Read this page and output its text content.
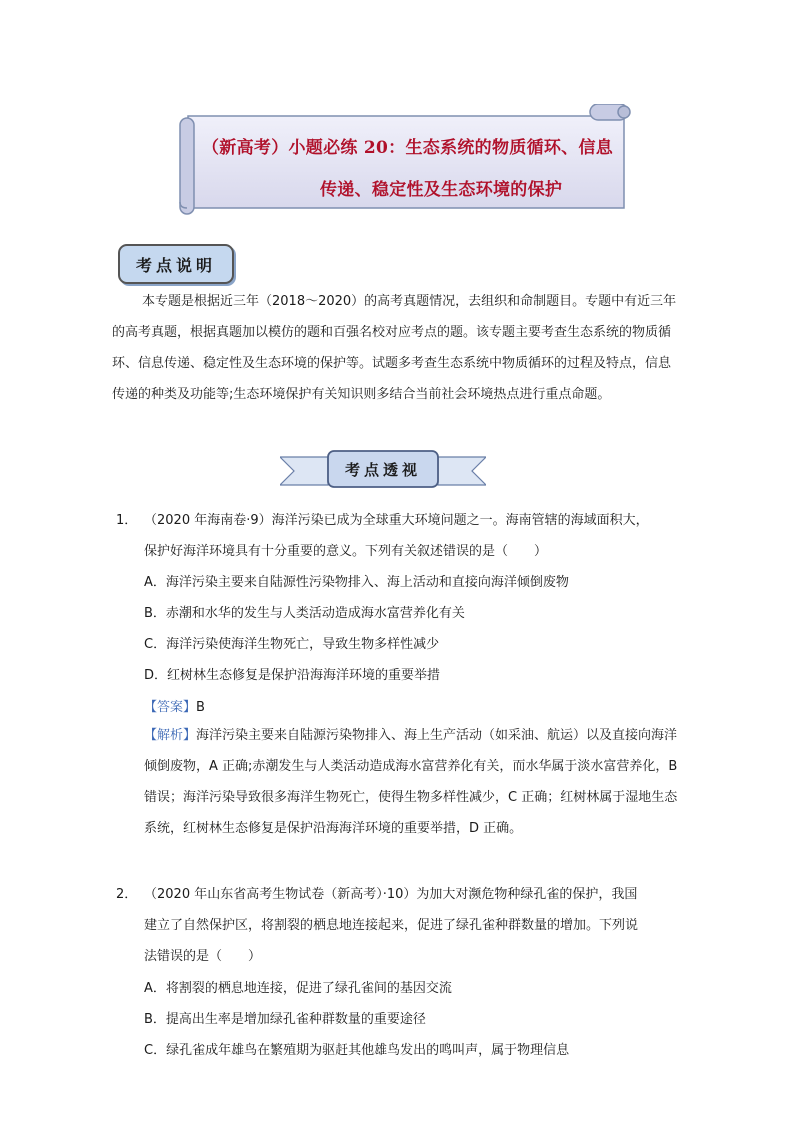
（新高考）小题必练 20：生态系统的物质循环、信息
传递、稳定性及生态环境的保护
考点说明
本专题是根据近三年（2018～2020）的高考真题情况，去组织和命制题目。专题中有近三年的高考真题，根据真题加以模仿的题和百强名校对应考点的题。该专题主要考查生态系统的物质循环、信息传递、稳定性及生态环境的保护等。试题多考查生态系统中物质循环的过程及特点，信息传递的种类及功能等;生态环境保护有关知识则多结合当前社会环境热点进行重点命题。
考点透视
1． （2020 年海南卷·9）海洋污染已成为全球重大环境问题之一。海南管辖的海域面积大，
保护好海洋环境具有十分重要的意义。下列有关叙述错误的是（　　）
A．海洋污染主要来自陆源性污染物排入、海上活动和直接向海洋倾倒废物
B．赤潮和水华的发生与人类活动造成海水富营养化有关
C．海洋污染使海洋生物死亡，导致生物多样性减少
D．红树林生态修复是保护沿海海洋环境的重要举措
【答案】B
【解析】海洋污染主要来自陆源污染物排入、海上生产活动（如采油、航运）以及直接向海洋倾倒废物，A 正确;赤潮发生与人类活动造成海水富营养化有关，而水华属于淡水富营养化，B 错误；海洋污染导致很多海洋生物死亡，使得生物多样性减少，C 正确；红树林属于湿地生态系统，红树林生态修复是保护沿海海洋环境的重要举措，D 正确。
2． （2020 年山东省高考生物试卷（新高考）·10）为加大对濒危物种绿孔雀的保护，我国
建立了自然保护区，将割裂的栖息地连接起来，促进了绿孔雀种群数量的增加。下列说
法错误的是（　　）
A．将割裂的栖息地连接，促进了绿孔雀间的基因交流
B．提高出生率是增加绿孔雀种群数量的重要途径
C．绿孔雀成年雄鸟在繁殖期为驱赶其他雄鸟发出的鸣叫声，属于物理信息
